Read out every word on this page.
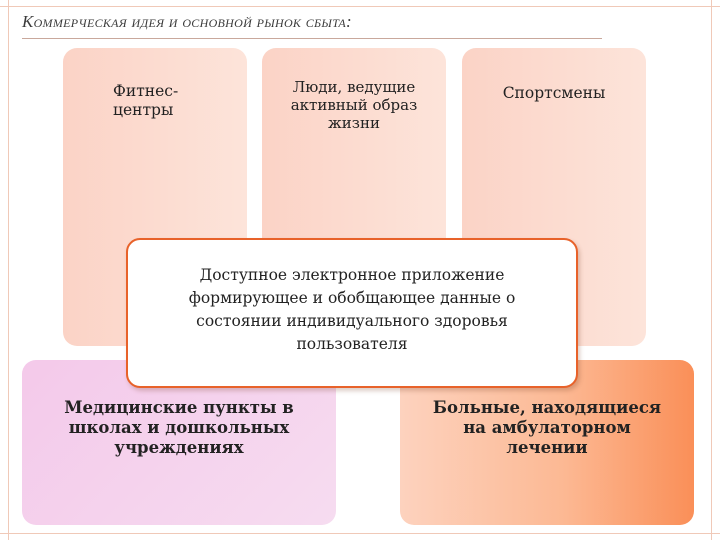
Коммерческая идея и основной рынок сбыта:
Фитнес-
центры
Люди, ведущие
активный образ
жизни
Спортсмены
Медицинские пункты в
школах и дошкольных
учреждениях
Больные, находящиеся
на амбулаторном
лечении
Доступное электронное приложение
формирующее и обобщающее данные о
состоянии индивидуального здоровья
пользователя
